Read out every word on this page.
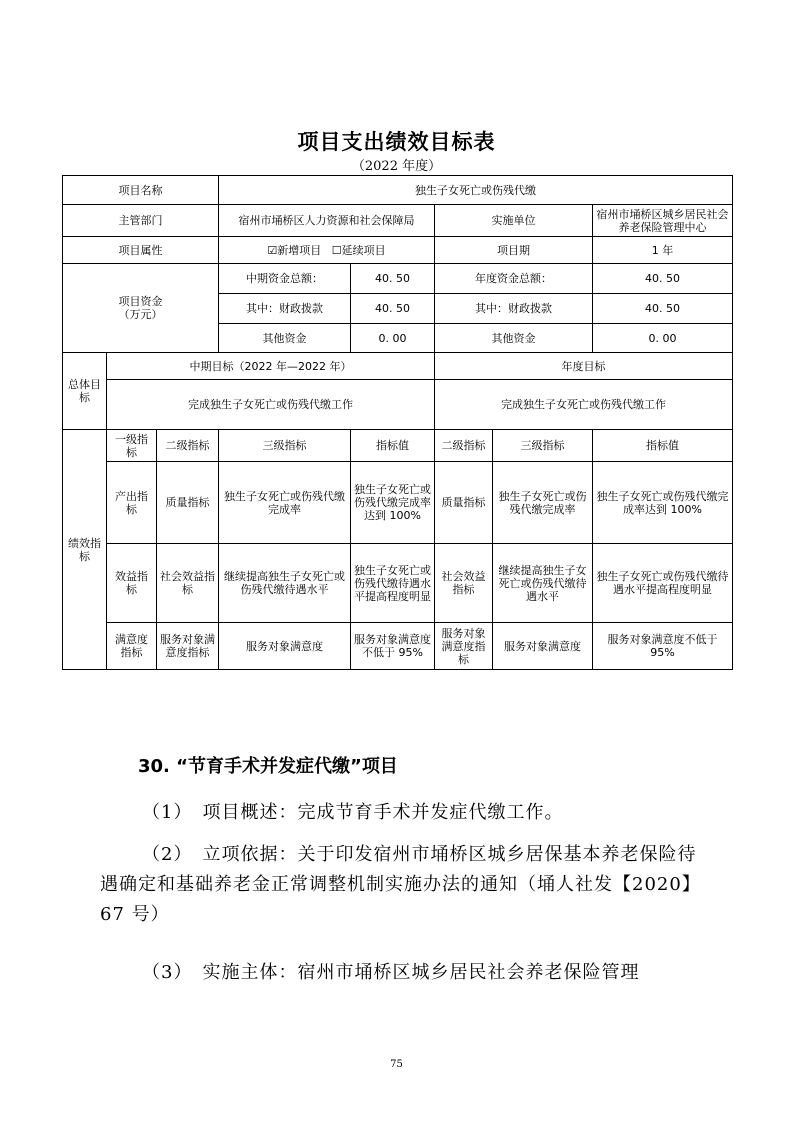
项目支出绩效目标表
（2022 年度）
项目名称			独生子女死亡或伤残代缴				
主管部门			宿州市埇桥区人力资源和社会保障局		实施单位		宿州市埇桥区城乡居民社会养老保险管理中心
项目属性			☑新增项目 ☐延续项目		项目期		1 年

项目资金
（万元）			中期资金总额：	40. 50	年度资金总额：		40. 50
			其中：财政拨款	40. 50	其中：财政拨款		40. 50
			其他资金	0. 00	其他资金		0. 00
总体目标	中期目标（2022 年—2022 年）				年度目标		
	完成独生子女死亡或伤残代缴工作				完成独生子女死亡或伤残代缴工作		
绩效指标	一级指标	二级指标	三级指标	指标值	二级指标	三级指标	指标值
	产出指标	质量指标	独生子女死亡或伤残代缴完成率	独生子女死亡或伤残代缴完成率达到 100%	质量指标	独生子女死亡或伤残代缴完成率	独生子女死亡或伤残代缴完成率达到 100%
	效益指标	社会效益指标	继续提高独生子女死亡或伤残代缴待遇水平	独生子女死亡或伤残代缴待遇水平提高程度明显	社会效益指标	继续提高独生子女死亡或伤残代缴待遇水平	独生子女死亡或伤残代缴待遇水平提高程度明显
	满意度指标	服务对象满意度指标	服务对象满意度	服务对象满意度不低于 95%	服务对象满意度指标	服务对象满意度	服务对象满意度不低于 95%
30. “节育手术并发症代缴”项目
（1）　项目概述：完成节育手术并发症代缴工作。
（2）　立项依据：关于印发宿州市埇桥区城乡居保基本养老保险待遇确定和基础养老金正常调整机制实施办法的通知（埇人社发【2020】67 号）
（3）　实施主体：宿州市埇桥区城乡居民社会养老保险管理
75
